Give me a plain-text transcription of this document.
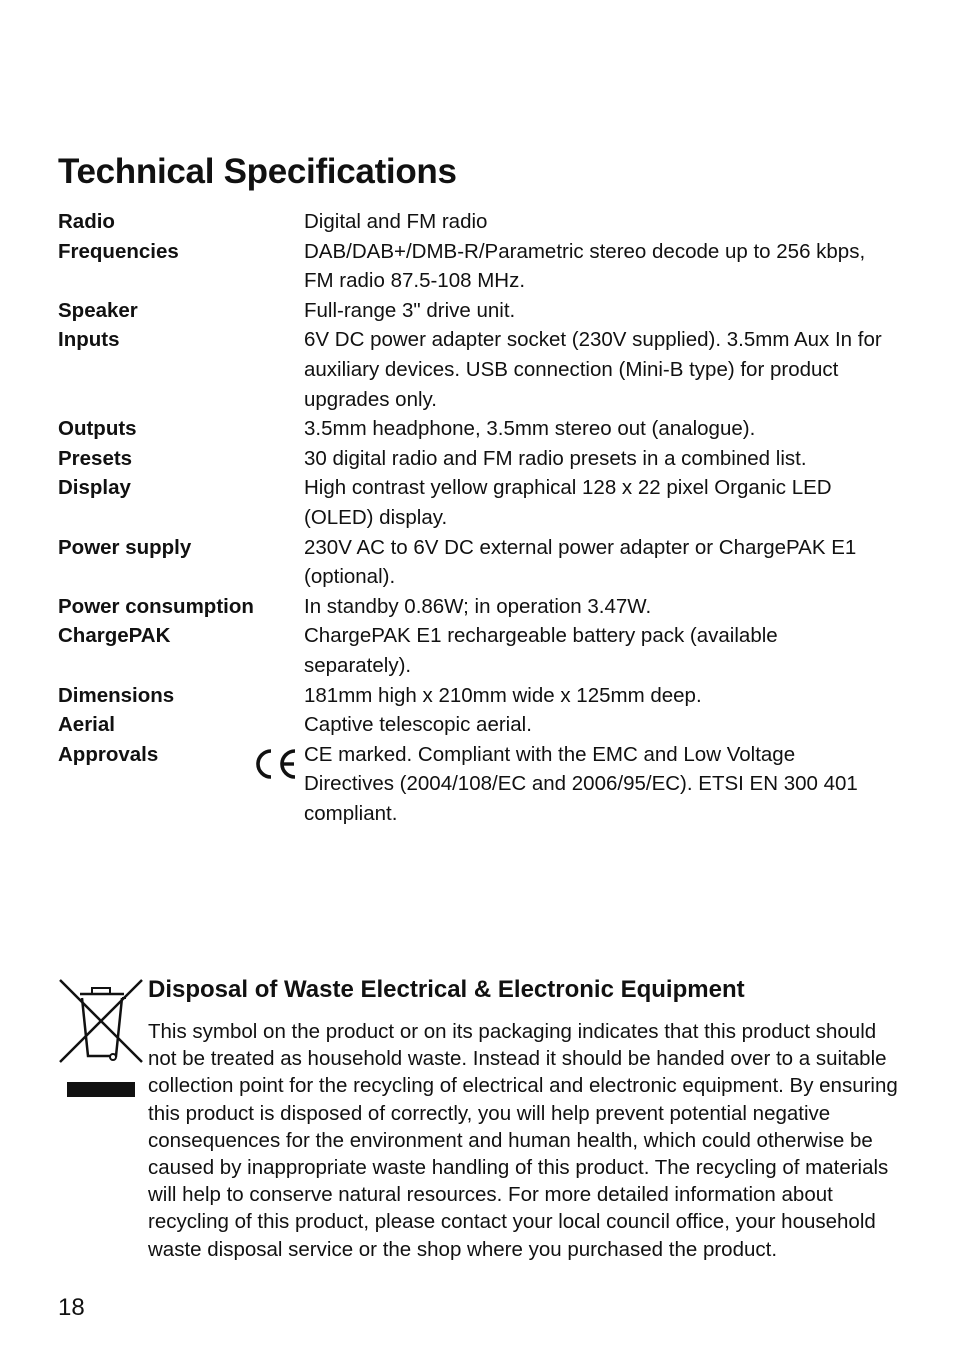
Technical Specifications
Radio	Digital and FM radio
Frequencies	DAB/DAB+/DMB-R/Parametric stereo decode up to 256 kbps, FM radio 87.5-108 MHz.
Speaker	Full-range 3" drive unit.
Inputs	6V DC power adapter socket (230V supplied). 3.5mm Aux In for auxiliary devices. USB connection (Mini-B type) for product upgrades only.
Outputs	3.5mm headphone, 3.5mm stereo out (analogue).
Presets	30 digital radio and FM radio presets in a combined list.
Display	High contrast yellow graphical 128 x 22 pixel Organic LED (OLED) display.
Power supply	230V AC to 6V DC external power adapter or ChargePAK E1 (optional).
Power consumption	In standby 0.86W; in operation 3.47W.
ChargePAK	ChargePAK E1 rechargeable battery pack (available separately).
Dimensions	181mm high x 210mm wide x 125mm deep.
Aerial	Captive telescopic aerial.
Approvals	CE marked. Compliant with the EMC and Low Voltage Directives (2004/108/EC and 2006/95/EC). ETSI EN 300 401 compliant.
Disposal of Waste Electrical & Electronic Equipment

This symbol on the product or on its packaging indicates that this product should not be treated as household waste. Instead it should be handed over to a suitable collection point for the recycling of electrical and electronic equipment. By ensuring this product is disposed of correctly, you will help prevent potential negative consequences for the environment and human health, which could otherwise be caused by inappropriate waste handling of this product. The recycling of materials will help to conserve natural resources. For more detailed information about recycling of this product, please contact your local council office, your household waste disposal service or the shop where you purchased the product.

18
